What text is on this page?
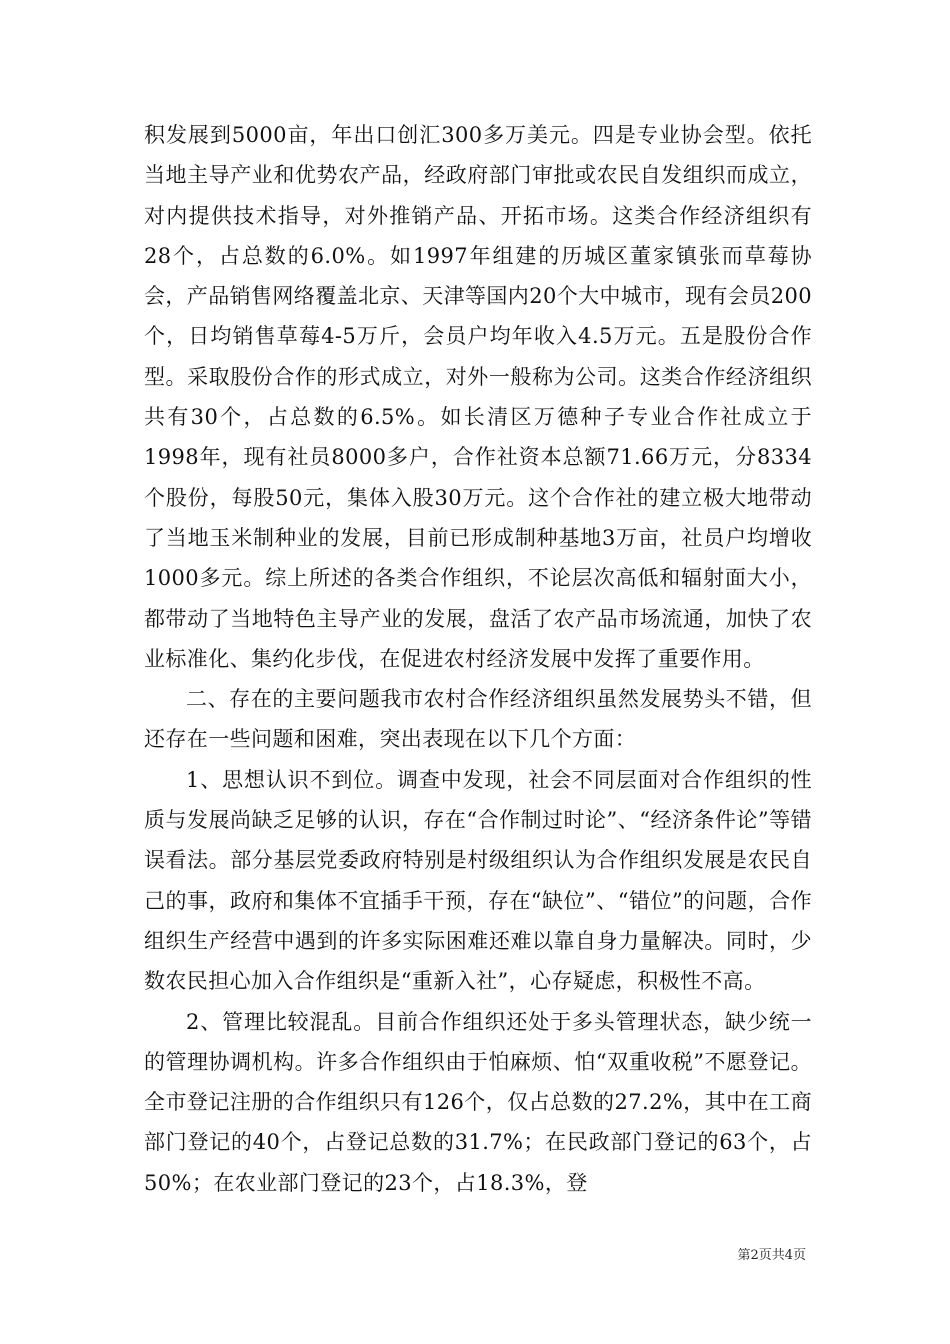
积发展到5000亩，年出口创汇300多万美元。四是专业协会型。依托当地主导产业和优势农产品，经政府部门审批或农民自发组织而成立，对内提供技术指导，对外推销产品、开拓市场。这类合作经济组织有28个，占总数的6.0%。如1997年组建的历城区董家镇张而草莓协会，产品销售网络覆盖北京、天津等国内20个大中城市，现有会员200个，日均销售草莓4-5万斤，会员户均年收入4.5万元。五是股份合作型。采取股份合作的形式成立，对外一般称为公司。这类合作经济组织共有30个，占总数的6.5%。如长清区万德种子专业合作社成立于1998年，现有社员8000多户，合作社资本总额71.66万元，分8334个股份，每股50元，集体入股30万元。这个合作社的建立极大地带动了当地玉米制种业的发展，目前已形成制种基地3万亩，社员户均增收1000多元。综上所述的各类合作组织，不论层次高低和辐射面大小，都带动了当地特色主导产业的发展，盘活了农产品市场流通，加快了农业标准化、集约化步伐，在促进农村经济发展中发挥了重要作用。

二、存在的主要问题我市农村合作经济组织虽然发展势头不错，但还存在一些问题和困难，突出表现在以下几个方面：

1、思想认识不到位。调查中发现，社会不同层面对合作组织的性质与发展尚缺乏足够的认识，存在“合作制过时论”、“经济条件论”等错误看法。部分基层党委政府特别是村级组织认为合作组织发展是农民自己的事，政府和集体不宜插手干预，存在“缺位”、“错位”的问题，合作组织生产经营中遇到的许多实际困难还难以靠自身力量解决。同时，少数农民担心加入合作组织是“重新入社”，心存疑虑，积极性不高。

2、管理比较混乱。目前合作组织还处于多头管理状态，缺少统一的管理协调机构。许多合作组织由于怕麻烦、怕“双重收税”不愿登记。全市登记注册的合作组织只有126个，仅占总数的27.2%，其中在工商部门登记的40个，占登记总数的31.7%；在民政部门登记的63个，占50%；在农业部门登记的23个，占18.3%，登

第2页共4页
